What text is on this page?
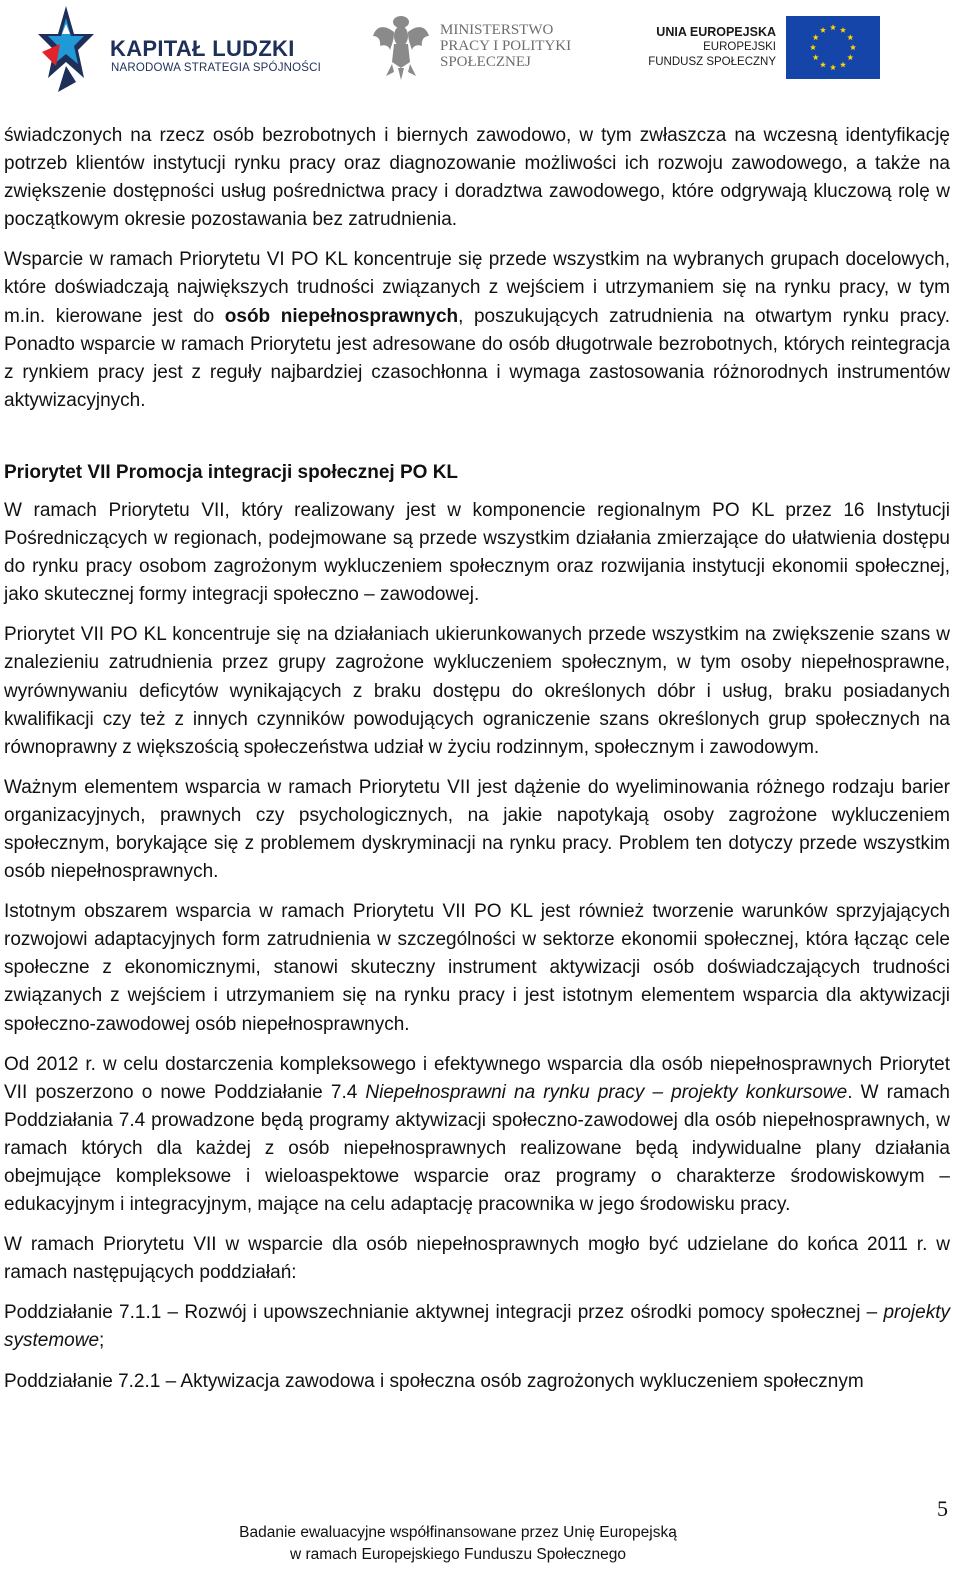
KAPITAŁ LUDZKI
NARODOWA STRATEGIA SPÓJNOŚCI
MINISTERSTWO
PRACY I POLITYKI
SPOŁECZNEJ
UNIA EUROPEJSKA
EUROPEJSKI
FUNDUSZ SPOŁECZNY

świadczonych na rzecz osób bezrobotnych i biernych zawodowo, w tym zwłaszcza na wczesną identyfikację potrzeb klientów instytucji rynku pracy oraz diagnozowanie możliwości ich rozwoju zawodowego, a także na zwiększenie dostępności usług pośrednictwa pracy i doradztwa zawodowego, które odgrywają kluczową rolę w początkowym okresie pozostawania bez zatrudnienia.

Wsparcie w ramach Priorytetu VI PO KL koncentruje się przede wszystkim na wybranych grupach docelowych, które doświadczają największych trudności związanych z wejściem i utrzymaniem się na rynku pracy, w tym m.in. kierowane jest do osób niepełnosprawnych, poszukujących zatrudnienia na otwartym rynku pracy. Ponadto wsparcie w ramach Priorytetu jest adresowane do osób długotrwale bezrobotnych, których reintegracja z rynkiem pracy jest z reguły najbardziej czasochłonna i wymaga zastosowania różnorodnych instrumentów aktywizacyjnych.

Priorytet VII Promocja integracji społecznej PO KL

W ramach Priorytetu VII, który realizowany jest w komponencie regionalnym PO KL przez 16 Instytucji Pośredniczących w regionach, podejmowane są przede wszystkim działania zmierzające do ułatwienia dostępu do rynku pracy osobom zagrożonym wykluczeniem społecznym oraz rozwijania instytucji ekonomii społecznej, jako skutecznej formy integracji społeczno – zawodowej.

Priorytet VII PO KL koncentruje się na działaniach ukierunkowanych przede wszystkim na zwiększenie szans w znalezieniu zatrudnienia przez grupy zagrożone wykluczeniem społecznym, w tym osoby niepełnosprawne, wyrównywaniu deficytów wynikających z braku dostępu do określonych dóbr i usług, braku posiadanych kwalifikacji czy też z innych czynników powodujących ograniczenie szans określonych grup społecznych na równoprawny z większością społeczeństwa udział w życiu rodzinnym, społecznym i zawodowym.

Ważnym elementem wsparcia w ramach Priorytetu VII jest dążenie do wyeliminowania różnego rodzaju barier organizacyjnych, prawnych czy psychologicznych, na jakie napotykają osoby zagrożone wykluczeniem społecznym, borykające się z problemem dyskryminacji na rynku pracy. Problem ten dotyczy przede wszystkim osób niepełnosprawnych.

Istotnym obszarem wsparcia w ramach Priorytetu VII PO KL jest również tworzenie warunków sprzyjających rozwojowi adaptacyjnych form zatrudnienia w szczególności w sektorze ekonomii społecznej, która łącząc cele społeczne z ekonomicznymi, stanowi skuteczny instrument aktywizacji osób doświadczających trudności związanych z wejściem i utrzymaniem się na rynku pracy i jest istotnym elementem wsparcia dla aktywizacji społeczno-zawodowej osób niepełnosprawnych.

Od 2012 r. w celu dostarczenia kompleksowego i efektywnego wsparcia dla osób niepełnosprawnych Priorytet VII poszerzono o nowe Poddziałanie 7.4 Niepełnosprawni na rynku pracy – projekty konkursowe. W ramach Poddziałania 7.4 prowadzone będą programy aktywizacji społeczno-zawodowej dla osób niepełnosprawnych, w ramach których dla każdej z osób niepełnosprawnych realizowane będą indywidualne plany działania obejmujące kompleksowe i wieloaspektowe wsparcie oraz programy o charakterze środowiskowym – edukacyjnym i integracyjnym, mające na celu adaptację pracownika w jego środowisku pracy.

W ramach Priorytetu VII w wsparcie dla osób niepełnosprawnych mogło być udzielane do końca 2011 r. w ramach następujących poddziałań:

Poddziałanie 7.1.1 – Rozwój i upowszechnianie aktywnej integracji przez ośrodki pomocy społecznej – projekty systemowe;

Poddziałanie 7.2.1 – Aktywizacja zawodowa i społeczna osób zagrożonych wykluczeniem społecznym

5
Badanie ewaluacyjne współfinansowane przez Unię Europejską
w ramach Europejskiego Funduszu Społecznego
